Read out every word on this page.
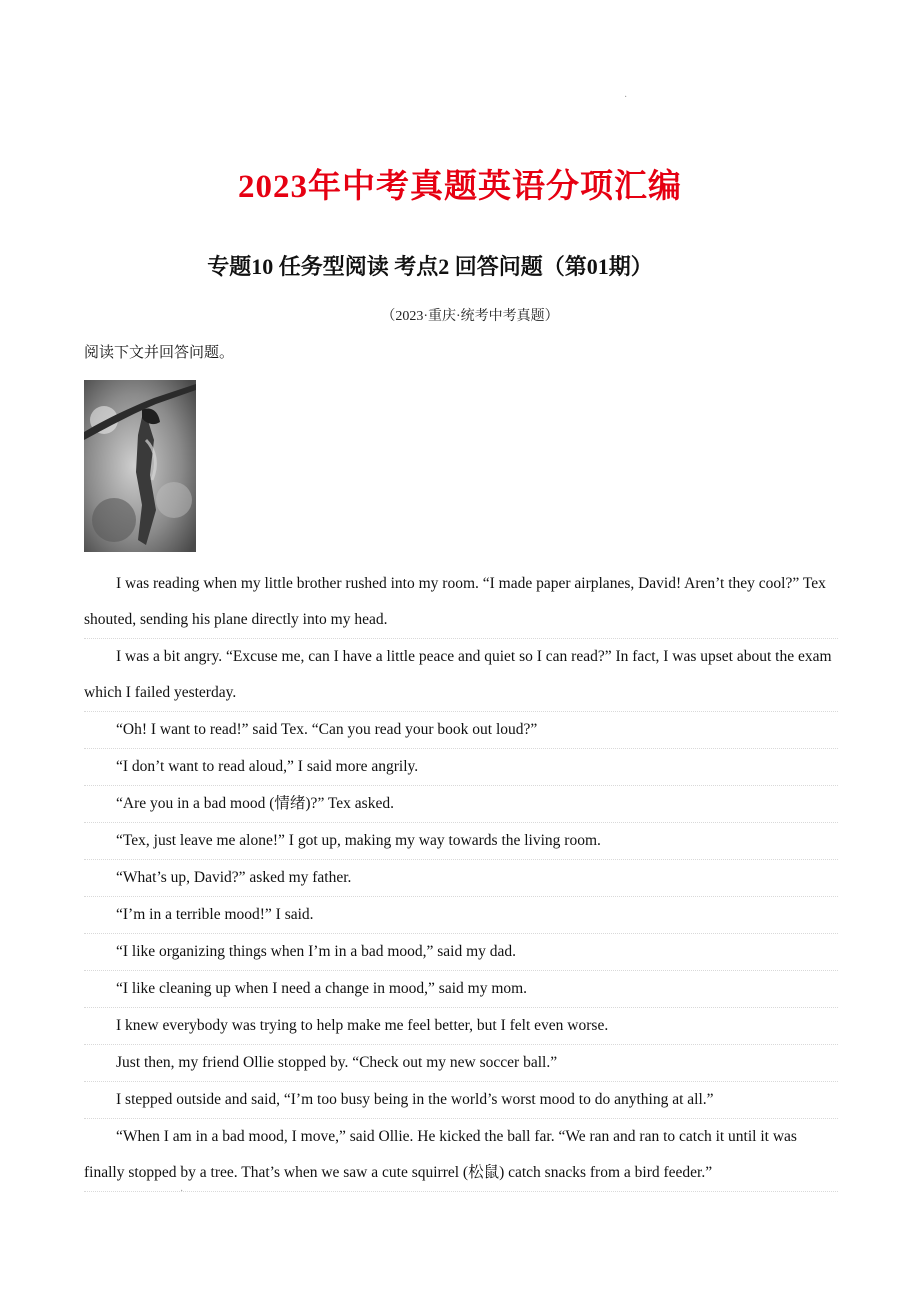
·
2023年中考真题英语分项汇编
专题10 任务型阅读 考点2 回答问题（第01期）
（2023·重庆·统考中考真题）
阅读下文并回答问题。

I was reading when my little brother rushed into my room. “I made paper airplanes, David! Aren’t they cool?” Tex shouted, sending his plane directly into my head.

I was a bit angry. “Excuse me, can I have a little peace and quiet so I can read?” In fact, I was upset about the exam which I failed yesterday.

“Oh! I want to read!” said Tex. “Can you read your book out loud?”

“I don’t want to read aloud,” I said more angrily.

“Are you in a bad mood (情绪)?” Tex asked.

“Tex, just leave me alone!” I got up, making my way towards the living room.

“What’s up, David?” asked my father.

“I’m in a terrible mood!” I said.

“I like organizing things when I’m in a bad mood,” said my dad.

“I like cleaning up when I need a change in mood,” said my mom.

I knew everybody was trying to help make me feel better, but I felt even worse.

Just then, my friend Ollie stopped by. “Check out my new soccer ball.”

I stepped outside and said, “I’m too busy being in the world’s worst mood to do anything at all.”

“When I am in a bad mood, I move,” said Ollie. He kicked the ball far. “We ran and ran to catch it until it was finally stopped by a tree. That’s when we saw a cute squirrel (松鼠) catch snacks from a bird feeder.”

·
